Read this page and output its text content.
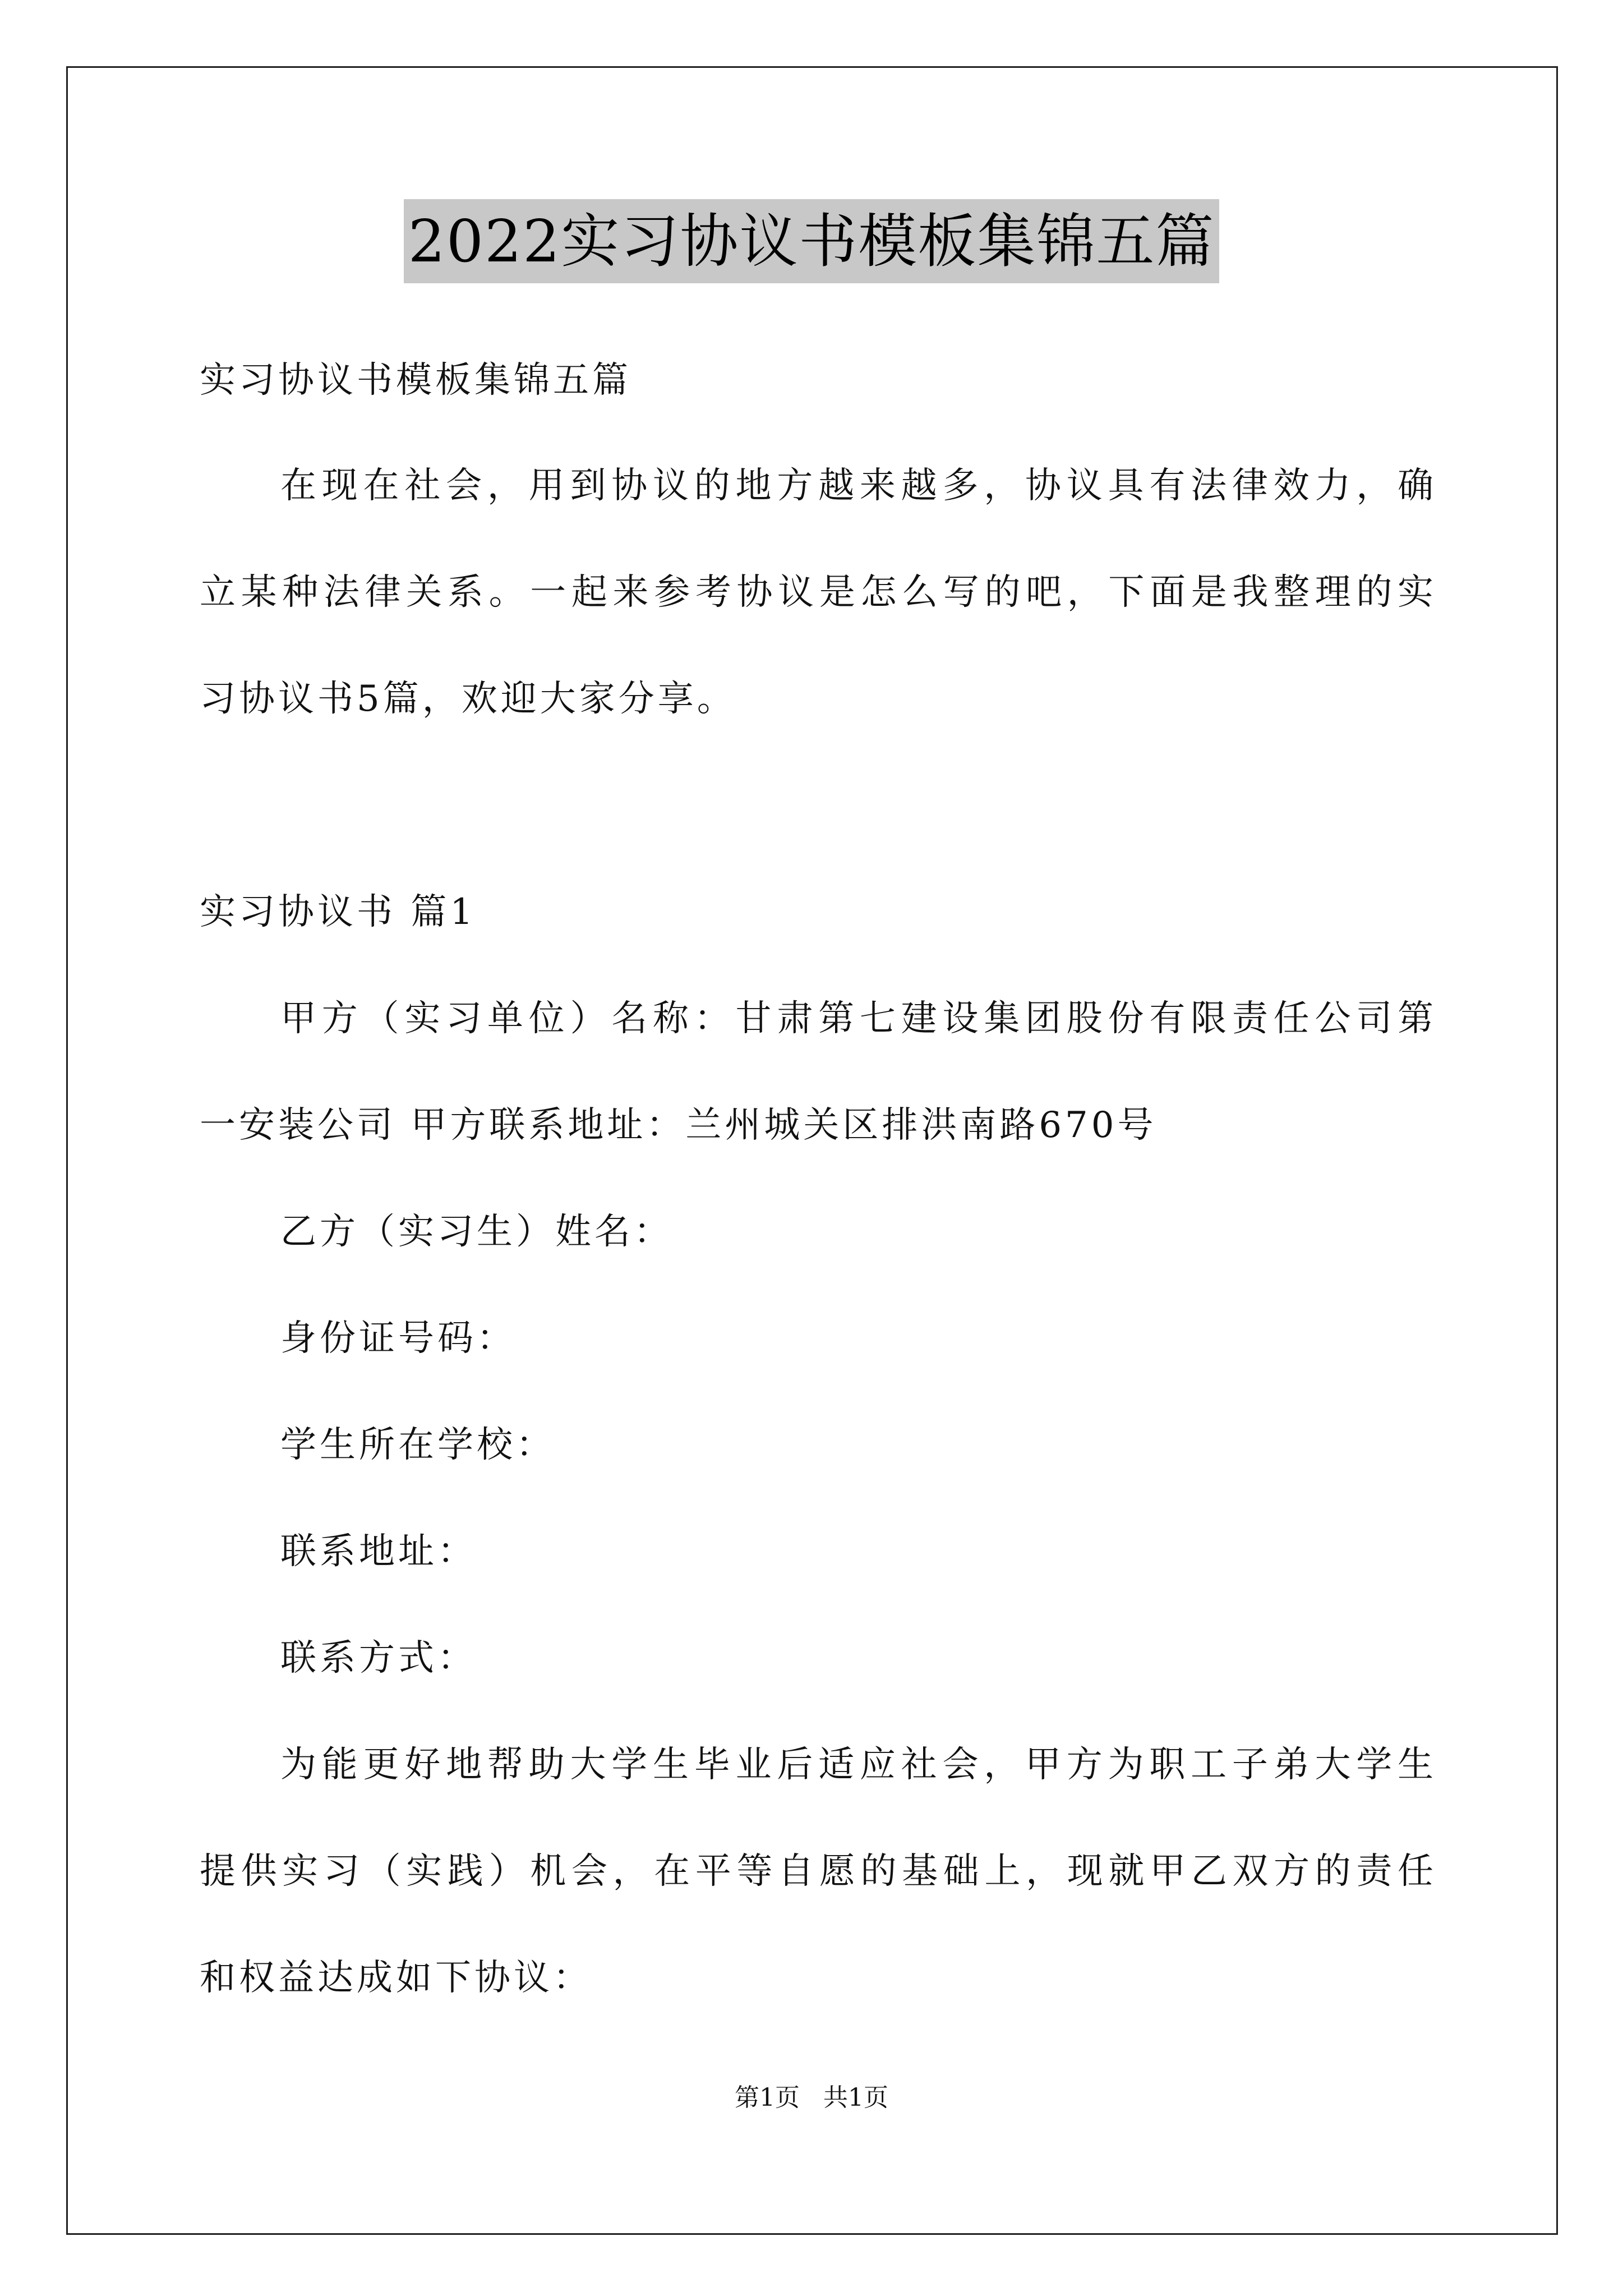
2022实习协议书模板集锦五篇
实习协议书模板集锦五篇
在现在社会，用到协议的地方越来越多，协议具有法律效力，确
立某种法律关系。一起来参考协议是怎么写的吧，下面是我整理的实
习协议书5篇，欢迎大家分享。
实习协议书 篇1
甲方（实习单位）名称：甘肃第七建设集团股份有限责任公司第
一安装公司 甲方联系地址：兰州城关区排洪南路670号
乙方（实习生）姓名：
身份证号码：
学生所在学校：
联系地址：
联系方式：
为能更好地帮助大学生毕业后适应社会，甲方为职工子弟大学生
提供实习（实践）机会，在平等自愿的基础上，现就甲乙双方的责任
和权益达成如下协议：
第1页   共1页
